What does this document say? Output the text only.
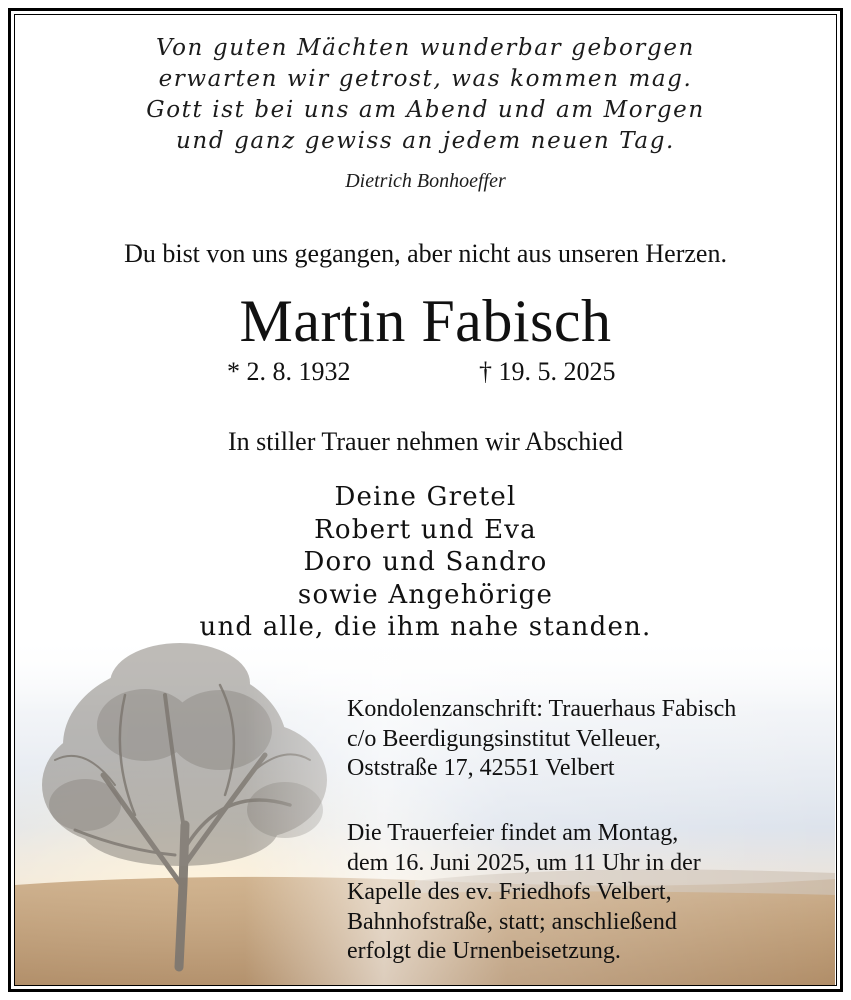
Von guten Mächten wunderbar geborgen
erwarten wir getrost, was kommen mag.
Gott ist bei uns am Abend und am Morgen
und ganz gewiss an jedem neuen Tag.
Dietrich Bonhoeffer
Du bist von uns gegangen, aber nicht aus unseren Herzen.
Martin Fabisch
* 2. 8. 1932	† 19. 5. 2025
In stiller Trauer nehmen wir Abschied
Deine Gretel
Robert und Eva
Doro und Sandro
sowie Angehörige
und alle, die ihm nahe standen.
Kondolenzanschrift: Trauerhaus Fabisch
c/o Beerdigungsinstitut Velleuer,
Oststraße 17, 42551 Velbert
Die Trauerfeier findet am Montag,
dem 16. Juni 2025, um 11 Uhr in der
Kapelle des ev. Friedhofs Velbert,
Bahnhofstraße, statt; anschließend
erfolgt die Urnenbeisetzung.
